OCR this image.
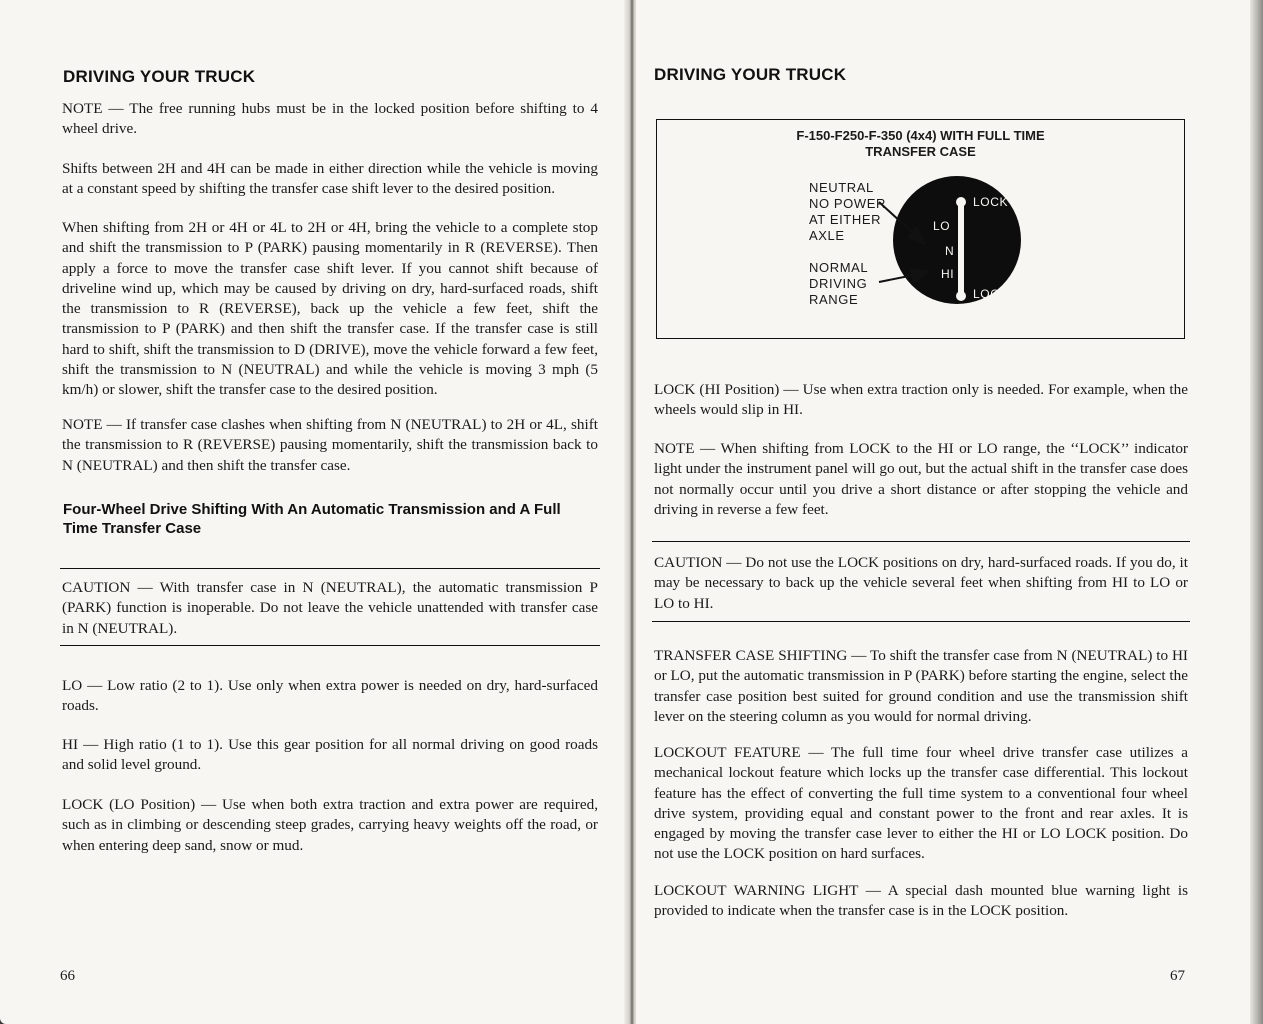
DRIVING YOUR TRUCK

NOTE — The free running hubs must be in the locked position before shifting to 4 wheel drive.

Shifts between 2H and 4H can be made in either direction while the vehicle is moving at a constant speed by shifting the transfer case shift lever to the desired position.

When shifting from 2H or 4H or 4L to 2H or 4H, bring the vehicle to a complete stop and shift the transmission to P (PARK) pausing momentarily in R (REVERSE). Then apply a force to move the transfer case shift lever. If you cannot shift because of driveline wind up, which may be caused by driving on dry, hard-surfaced roads, shift the transmission to R (REVERSE), back up the vehicle a few feet, shift the transmission to P (PARK) and then shift the transfer case. If the transfer case is still hard to shift, shift the transmission to D (DRIVE), move the vehicle forward a few feet, shift the transmission to N (NEUTRAL) and while the vehicle is moving 3 mph (5 km/h) or slower, shift the transfer case to the desired position.

NOTE — If transfer case clashes when shifting from N (NEUTRAL) to 2H or 4L, shift the transmission to R (REVERSE) pausing momentarily, shift the transmission back to N (NEUTRAL) and then shift the transfer case.

Four-Wheel Drive Shifting With An Automatic Transmission and A Full Time Transfer Case

CAUTION — With transfer case in N (NEUTRAL), the automatic transmission P (PARK) function is inoperable. Do not leave the vehicle unattended with transfer case in N (NEUTRAL).

LO — Low ratio (2 to 1). Use only when extra power is needed on dry, hard-surfaced roads.

HI — High ratio (1 to 1). Use this gear position for all normal driving on good roads and solid level ground.

LOCK (LO Position) — Use when both extra traction and extra power are required, such as in climbing or descending steep grades, carrying heavy weights off the road, or when entering deep sand, snow or mud.

66
DRIVING YOUR TRUCK
F-150-F250-F-350 (4x4) WITH FULL TIME
TRANSFER CASE
NEUTRAL
NO POWER
AT EITHER
AXLE
NORMAL
DRIVING
RANGE
LO
N
HI
LOCK
LOCK

LOCK (HI Position) — Use when extra traction only is needed. For example, when the wheels would slip in HI.

NOTE — When shifting from LOCK to the HI or LO range, the ‘‘LOCK’’ indicator light under the instrument panel will go out, but the actual shift in the transfer case does not normally occur until you drive a short distance or after stopping the vehicle and driving in reverse a few feet.

CAUTION — Do not use the LOCK positions on dry, hard-surfaced roads. If you do, it may be necessary to back up the vehicle several feet when shifting from HI to LO or LO to HI.

TRANSFER CASE SHIFTING — To shift the transfer case from N (NEUTRAL) to HI or LO, put the automatic transmission in P (PARK) before starting the engine, select the transfer case position best suited for ground condition and use the transmission shift lever on the steering column as you would for normal driving.

LOCKOUT FEATURE — The full time four wheel drive transfer case utilizes a mechanical lockout feature which locks up the transfer case differential. This lockout feature has the effect of converting the full time system to a conventional four wheel drive system, providing equal and constant power to the front and rear axles. It is engaged by moving the transfer case lever to either the HI or LO LOCK position. Do not use the LOCK position on hard surfaces.

LOCKOUT WARNING LIGHT — A special dash mounted blue warning light is provided to indicate when the transfer case is in the LOCK position.

67
